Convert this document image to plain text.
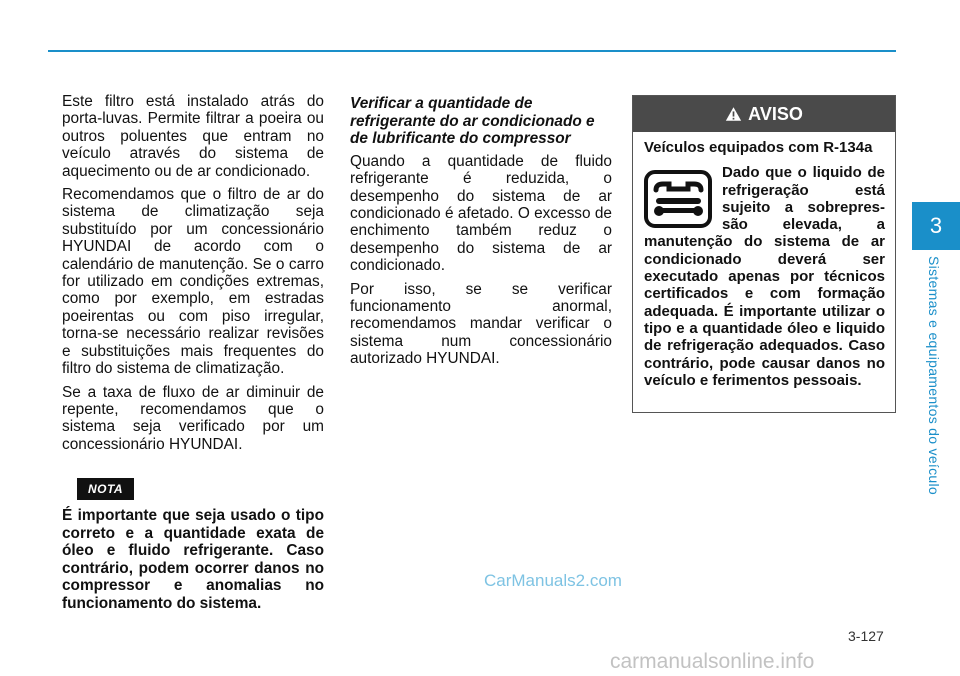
Este filtro está instalado atrás do porta-luvas. Permite filtrar a poeira ou outros poluentes que entram no veículo através do sistema de aquecimento ou de ar condicionado.

Recomendamos que o filtro de ar do sistema de climatização seja substituído por um concessionário HYUNDAI de acordo com o calendário de manutenção. Se o carro for utilizado em condições extremas, como por exemplo, em estradas poeirentas ou com piso irregular, torna-se necessário realizar revisões e substituições mais frequentes do filtro do sistema de climatização.

Se a taxa de fluxo de ar diminuir de repente, recomendamos que o sistema seja verificado por um concessionário HYUNDAI.

NOTA
É importante que seja usado o tipo correto e a quantidade exata de óleo e fluido refrigerante. Caso contrário, podem ocorrer danos no compressor e anomalias no funcionamento do sistema.
Verificar a quantidade de refrigerante do ar condicionado e de lubrificante do compressor

Quando a quantidade de fluido refrigerante é reduzida, o desempenho do sistema de ar condicionado é afetado. O excesso de enchimento também reduz o desempenho do sistema de ar condicionado.

Por isso, se se verificar funcionamento anormal, recomendamos mandar verificar o sistema num concessionário autorizado HYUNDAI.

AVISO
Veículos equipados com R-134a
Dado que o liquido de refrigeração está sujeito a sobrepres-são elevada, a manutenção do sistema de ar condicionado deverá ser executado apenas por técnicos certificados e com formação adequada. É importante utilizar o tipo e a quantidade óleo e liquido de refrigeração adequados. Caso contrário, pode causar danos no veículo e ferimentos pessoais.
3
Sistemas e equipamentos do veículo
3-127
CarManuals2.com
carmanualsonline.info
